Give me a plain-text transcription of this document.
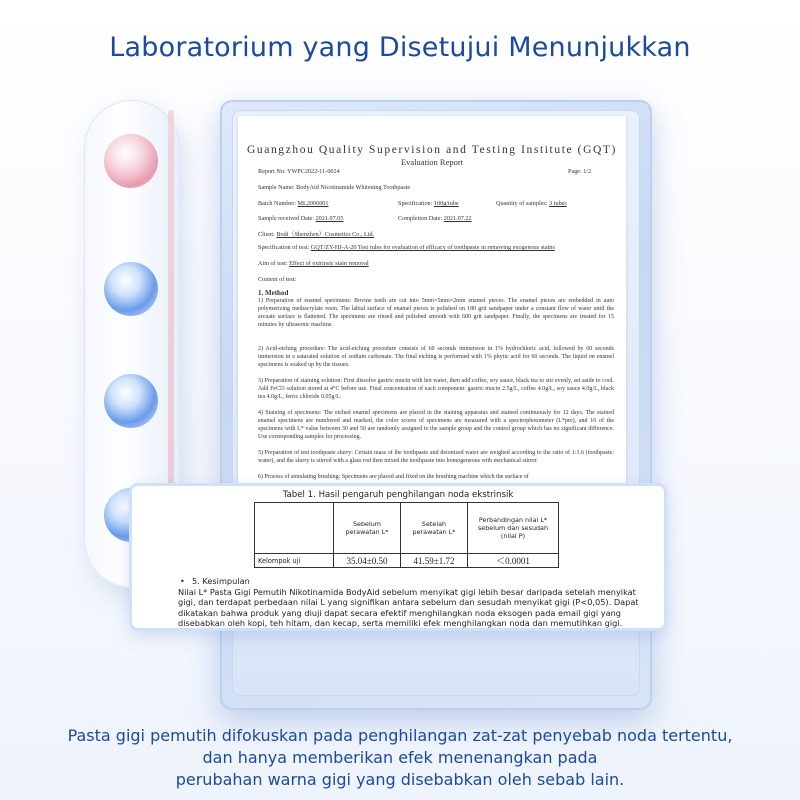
Laboratorium yang Disetujui Menunjukkan
Guangzhou Quality Supervision and Testing Institute (GQT)
Evaluation Report
Report No: YWPC2022-11-0024	Page: 1/2
Sample Name: BodyAid Nicotinamide Whitening Toothpaste
Batch Number: ML2006001	Specification: 100g/tube	Quantity of samples: 3 tubes
Sample received Date: 2021.07.05	Completion Date: 2021.07.22
Client: Bodi（Shenzhen）Cosmetics Co., Ltd.
Specification of test: GQT/ZY-HJ-A-20 Test rules for evaluation of efficacy of toothpaste in removing exogenous stains
Aim of test: Effect of extrinsic stain removal
Content of test:
1. Method
1) Preparation of enamel specimens: Bovine teeth are cut into 5mm×5mm×2mm enamel pieces. The enamel pieces are embedded in auto polymerizing methacrylate resin. The labial surface of enamel pieces is polished on 180 grit sandpaper under a constant flow of water until the arcuate surface is flattened. The specimens are rinsed and polished smooth with 600 grit sandpaper. Finally, the specimens are treated for 15 minutes by ultrasonic machine.
2) Acid-etching procedure: The acid-etching procedure consists of 60 seconds immersion in 1% hydrochloric acid, followed by 60 seconds immersion in a saturated solution of sodium carbonate. The final etching is performed with 1% phytic acid for 60 seconds. The liquid on enamel specimens is soaked up by the tissues.
3) Preparation of staining solution: First dissolve gastric mucin with hot water, then add coffee, soy sauce, black tea to stir evenly, set aside to cool. Add FeCl3 solution stored at 4°C before use. Final concentration of each component: gastric mucin 2.5g/L, coffee 4.0g/L, soy sauce 4.0g/L, black tea 4.0g/L, ferric chloride 0.05g/L.
4) Staining of specimens: The etched enamel specimens are placed in the staining apparatus and stained continuously for 12 days. The stained enamel specimens are numbered and marked, the color scores of specimens are measured with a spectrophotometer (L*pre), and 16 of the specimens with L* value between 30 and 50 are randomly assigned to the sample group and the control group which has no significant difference. Use corresponding samples for processing.
5) Preparation of test toothpaste slurry: Certain mass of the toothpaste and deionized water are weighed according to the ratio of 1:1.6 (toothpaste: water), and the slurry is stirred with a glass rod then mixed the toothpaste into homogeneous with mechanical stirrer.
6) Process of simulating brushing: Specimens are placed and fixed on the brushing machine which the surface of
Tabel 1. Hasil pengaruh penghilangan noda ekstrinsik
	Sebelum perawatan L*	Setelah perawatan L*	Perbandingan nilai L*
sebelum dan sesudah (nilai P)

Kelompok uji	35.04±0.50	41.59±1.72	＜0.0001
• 5. Kesimpulan
Nilai L* Pasta Gigi Pemutih Nikotinamida BodyAid sebelum menyikat gigi lebih besar daripada setelah menyikat gigi, dan terdapat perbedaan nilai L yang signifikan antara sebelum dan sesudah menyikat gigi (P<0,05). Dapat dikatakan bahwa produk yang diuji dapat secara efektif menghilangkan noda eksogen pada email gigi yang disebabkan oleh kopi, teh hitam, dan kecap, serta memiliki efek menghilangkan noda dan memutihkan gigi.
Pasta gigi pemutih difokuskan pada penghilangan zat-zat penyebab noda tertentu,
dan hanya memberikan efek menenangkan pada
perubahan warna gigi yang disebabkan oleh sebab lain.
